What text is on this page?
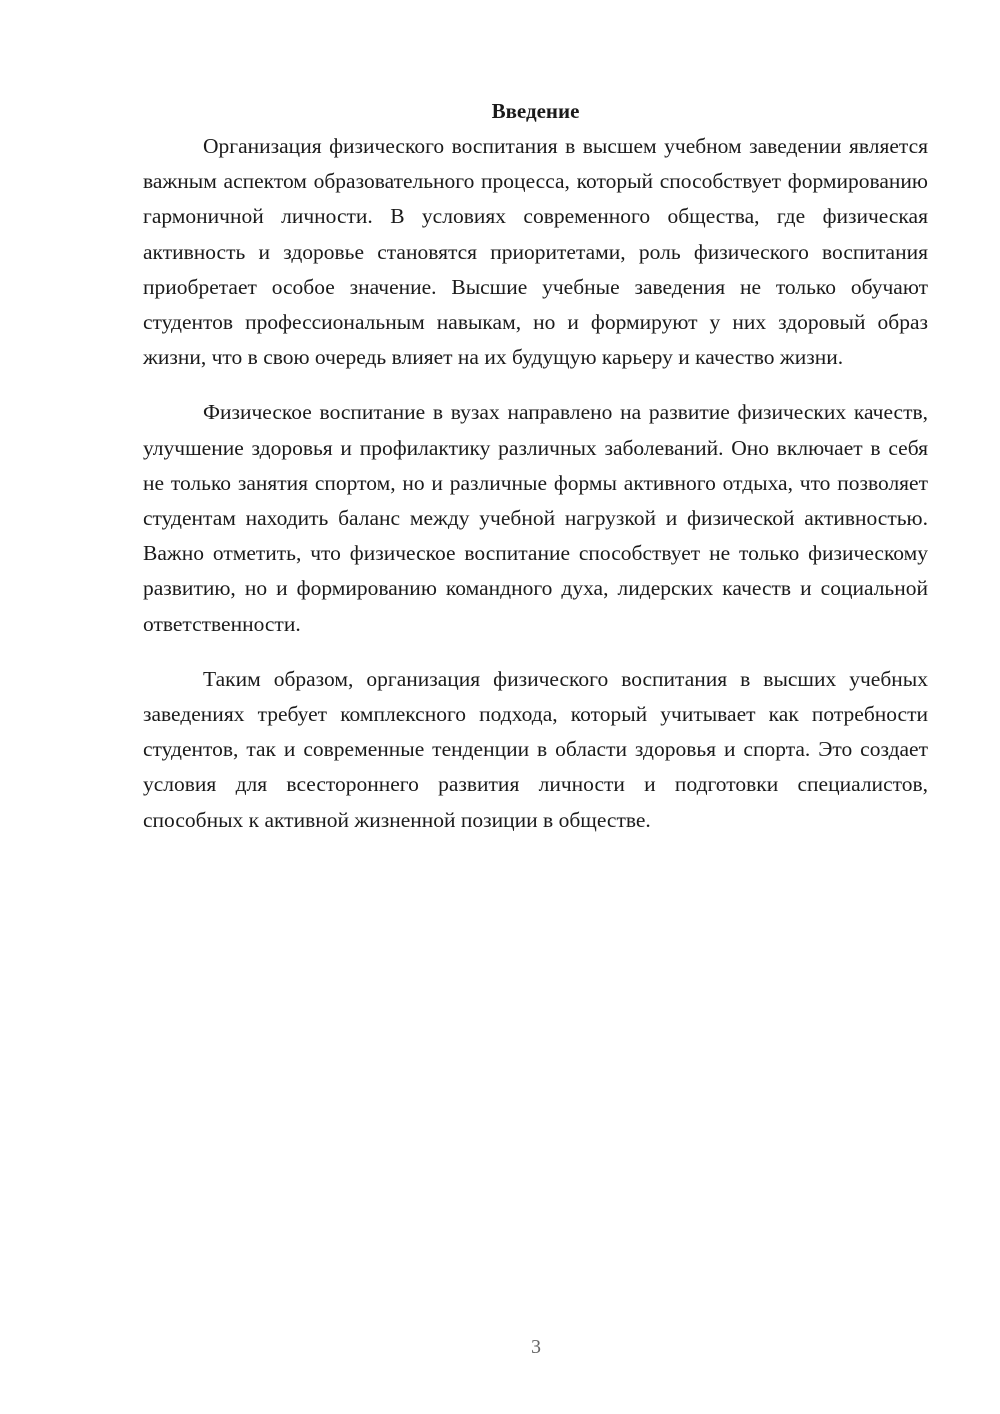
Введение

Организация физического воспитания в высшем учебном заведении является важным аспектом образовательного процесса, который способствует формированию гармоничной личности. В условиях современного общества, где физическая активность и здоровье становятся приоритетами, роль физического воспитания приобретает особое значение. Высшие учебные заведения не только обучают студентов профессиональным навыкам, но и формируют у них здоровый образ жизни, что в свою очередь влияет на их будущую карьеру и качество жизни.

Физическое воспитание в вузах направлено на развитие физических качеств, улучшение здоровья и профилактику различных заболеваний. Оно включает в себя не только занятия спортом, но и различные формы активного отдыха, что позволяет студентам находить баланс между учебной нагрузкой и физической активностью. Важно отметить, что физическое воспитание способствует не только физическому развитию, но и формированию командного духа, лидерских качеств и социальной ответственности.

Таким образом, организация физического воспитания в высших учебных заведениях требует комплексного подхода, который учитывает как потребности студентов, так и современные тенденции в области здоровья и спорта. Это создает условия для всестороннего развития личности и подготовки специалистов, способных к активной жизненной позиции в обществе.

3
